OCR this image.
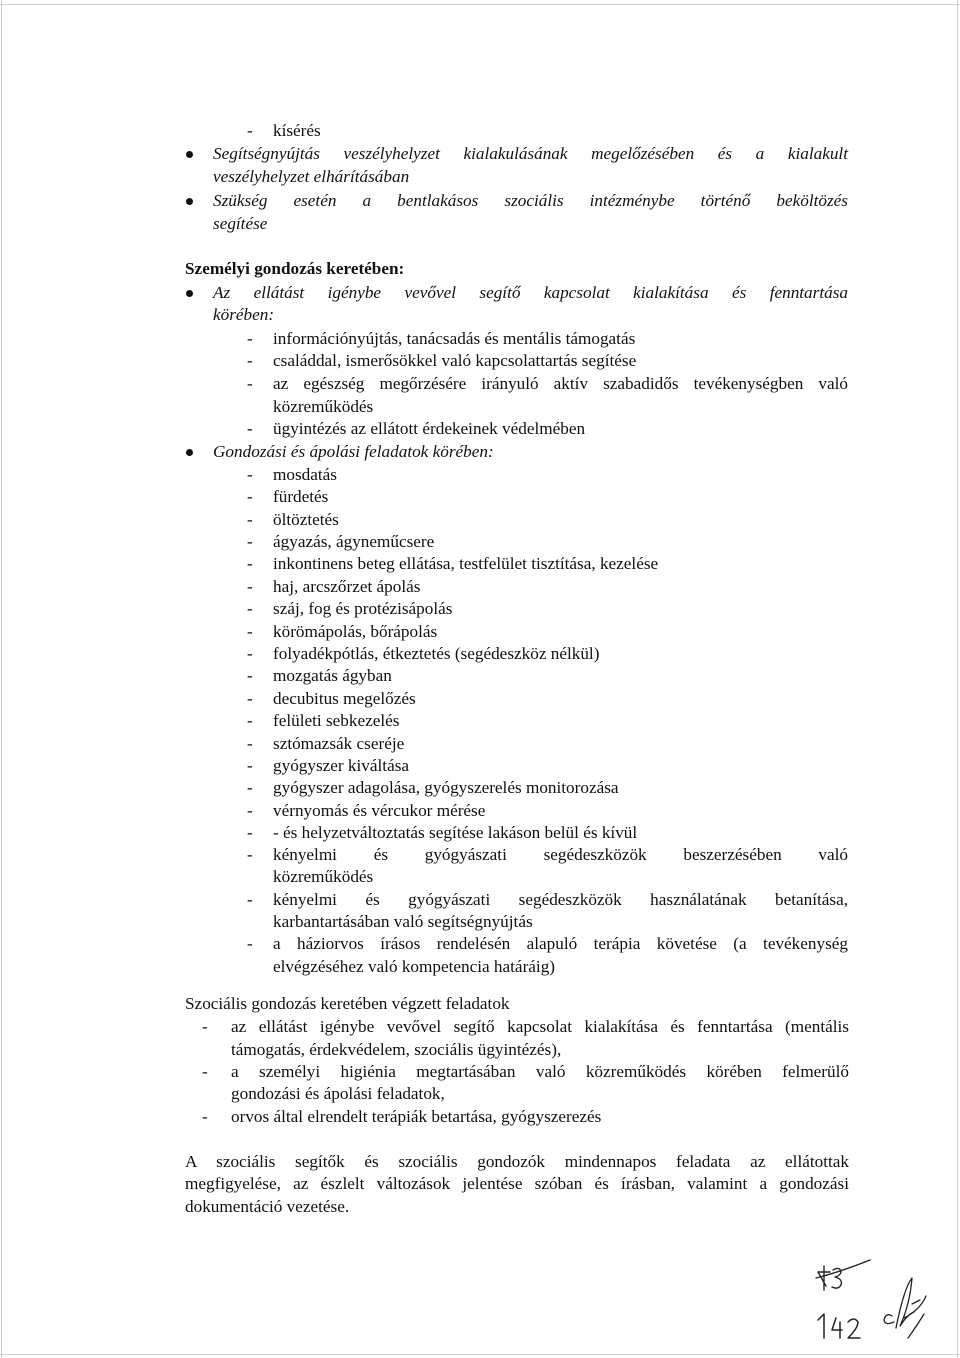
- kísérés
Segítségnyújtás veszélyhelyzet kialakulásának megelőzésében és a kialakult
veszélyhelyzet elhárításában
Szükség esetén a bentlakásos szociális intézménybe történő beköltözés
segítése
Személyi gondozás keretében:
Az ellátást igénybe vevővel segítő kapcsolat kialakítása és fenntartása
körében:
- információnyújtás, tanácsadás és mentális támogatás
- családdal, ismerősökkel való kapcsolattartás segítése
- az egészség megőrzésére irányuló aktív szabadidős tevékenységben való
közreműködés
- ügyintézés az ellátott érdekeinek védelmében
Gondozási és ápolási feladatok körében:
- mosdatás
- fürdetés
- öltöztetés
- ágyazás, ágyneműcsere
- inkontinens beteg ellátása, testfelület tisztítása, kezelése
- haj, arcszőrzet ápolás
- száj, fog és protézisápolás
- körömápolás, bőrápolás
- folyadékpótlás, étkeztetés (segédeszköz nélkül)
- mozgatás ágyban
- decubitus megelőzés
- felületi sebkezelés
- sztómazsák cseréje
- gyógyszer kiváltása
- gyógyszer adagolása, gyógyszerelés monitorozása
- vérnyomás és vércukor mérése
- - és helyzetváltoztatás segítése lakáson belül és kívül
- kényelmi és gyógyászati segédeszközök beszerzésében való
közreműködés
- kényelmi és gyógyászati segédeszközök használatának betanítása,
karbantartásában való segítségnyújtás
- a háziorvos írásos rendelésén alapuló terápia követése (a tevékenység
elvégzéséhez való kompetencia határáig)
Szociális gondozás keretében végzett feladatok
- az ellátást igénybe vevővel segítő kapcsolat kialakítása és fenntartása (mentális
támogatás, érdekvédelem, szociális ügyintézés),
- a személyi higiénia megtartásában való közreműködés körében felmerülő
gondozási és ápolási feladatok,
- orvos által elrendelt terápiák betartása, gyógyszerezés
A szociális segítők és szociális gondozók mindennapos feladata az ellátottak
megfigyelése, az észlelt változások jelentése szóban és írásban, valamint a gondozási
dokumentáció vezetése.
